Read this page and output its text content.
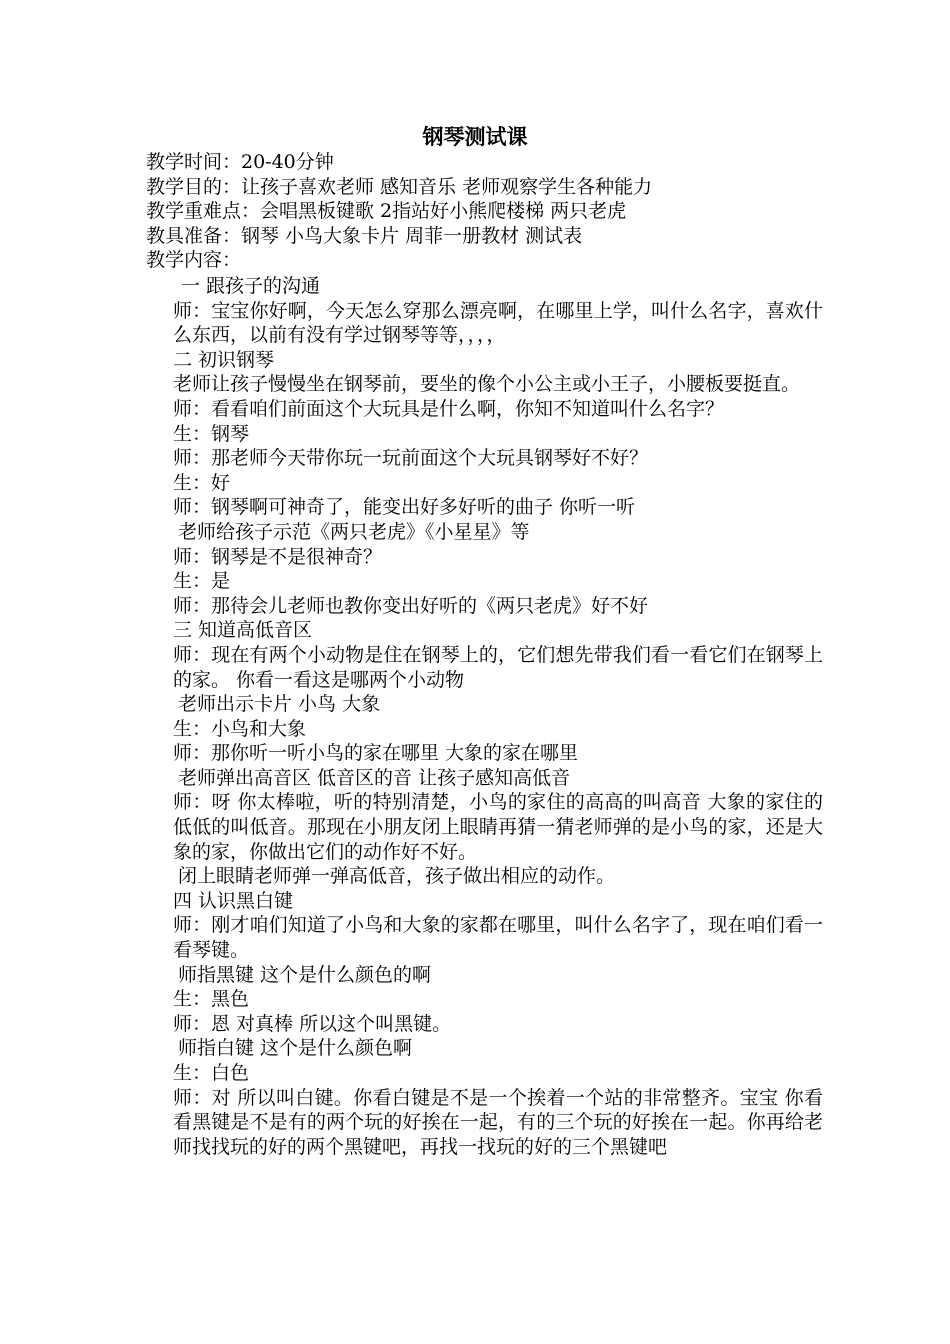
钢琴测试课
教学时间：20-40分钟
教学目的：让孩子喜欢老师 感知音乐 老师观察学生各种能力
教学重难点：会唱黑板键歌 2指站好小熊爬楼梯 两只老虎
教具准备：钢琴 小鸟大象卡片 周菲一册教材 测试表
教学内容：
一 跟孩子的沟通
师：宝宝你好啊，今天怎么穿那么漂亮啊，在哪里上学，叫什么名字，喜欢什么东西，以前有没有学过钢琴等等，，，，
二 初识钢琴
老师让孩子慢慢坐在钢琴前，要坐的像个小公主或小王子，小腰板要挺直。
师：看看咱们前面这个大玩具是什么啊，你知不知道叫什么名字？
生：钢琴
师：那老师今天带你玩一玩前面这个大玩具钢琴好不好？
生：好
师：钢琴啊可神奇了，能变出好多好听的曲子 你听一听
老师给孩子示范《两只老虎》《小星星》等
师：钢琴是不是很神奇？
生：是
师：那待会儿老师也教你变出好听的《两只老虎》好不好
三 知道高低音区
师：现在有两个小动物是住在钢琴上的，它们想先带我们看一看它们在钢琴上的家。 你看一看这是哪两个小动物
老师出示卡片 小鸟 大象
生：小鸟和大象
师：那你听一听小鸟的家在哪里 大象的家在哪里
老师弹出高音区 低音区的音 让孩子感知高低音
师：呀 你太棒啦，听的特别清楚，小鸟的家住的高高的叫高音 大象的家住的低低的叫低音。那现在小朋友闭上眼睛再猜一猜老师弹的是小鸟的家，还是大象的家，你做出它们的动作好不好。
闭上眼睛老师弹一弹高低音，孩子做出相应的动作。
四 认识黑白键
师：刚才咱们知道了小鸟和大象的家都在哪里，叫什么名字了，现在咱们看一看琴键。
师指黑键 这个是什么颜色的啊
生：黑色
师：恩 对真棒 所以这个叫黑键。
师指白键 这个是什么颜色啊
生：白色
师：对 所以叫白键。你看白键是不是一个挨着一个站的非常整齐。宝宝 你看看黑键是不是有的两个玩的好挨在一起，有的三个玩的好挨在一起。你再给老师找找玩的好的两个黑键吧，再找一找玩的好的三个黑键吧
